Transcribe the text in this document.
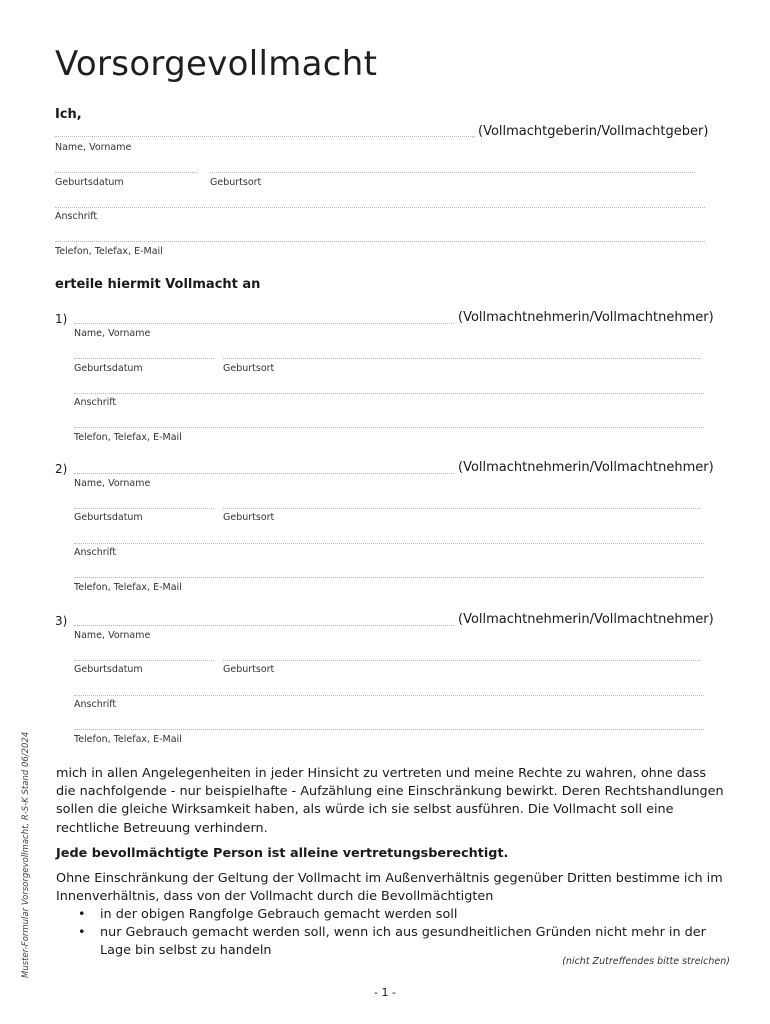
Vorsorgevollmacht
Ich,
(Vollmachtgeberin/Vollmachtgeber)
Name, Vorname
Geburtsdatum	Geburtsort
Anschrift
Telefon, Telefax, E-Mail
erteile hiermit Vollmacht an
1)	(Vollmachtnehmerin/Vollmachtnehmer)
Name, Vorname
Geburtsdatum	Geburtsort
Anschrift
Telefon, Telefax, E-Mail
2)	(Vollmachtnehmerin/Vollmachtnehmer)
Name, Vorname
Geburtsdatum	Geburtsort
Anschrift
Telefon, Telefax, E-Mail
3)	(Vollmachtnehmerin/Vollmachtnehmer)
Name, Vorname
Geburtsdatum	Geburtsort
Anschrift
Telefon, Telefax, E-Mail

mich in allen Angelegenheiten in jeder Hinsicht zu vertreten und meine Rechte zu wahren, ohne dass die nachfolgende - nur beispielhafte - Aufzählung eine Einschränkung bewirkt. Deren Rechtshandlungen sollen die gleiche Wirksamkeit haben, als würde ich sie selbst ausführen. Die Vollmacht soll eine rechtliche Betreuung verhindern.

Jede bevollmächtigte Person ist alleine vertretungsberechtigt.

Ohne Einschränkung der Geltung der Vollmacht im Außenverhältnis gegenüber Dritten bestimme ich im Innenverhältnis, dass von der Vollmacht durch die Bevollmächtigten

• in der obigen Rangfolge Gebrauch gemacht werden soll
• nur Gebrauch gemacht werden soll, wenn ich aus gesundheitlichen Gründen nicht mehr in der Lage bin selbst zu handeln
(nicht Zutreffendes bitte streichen)
- 1 -
Muster-Formular Vorsorgevollmacht, R-S-K Stand 06/2024
